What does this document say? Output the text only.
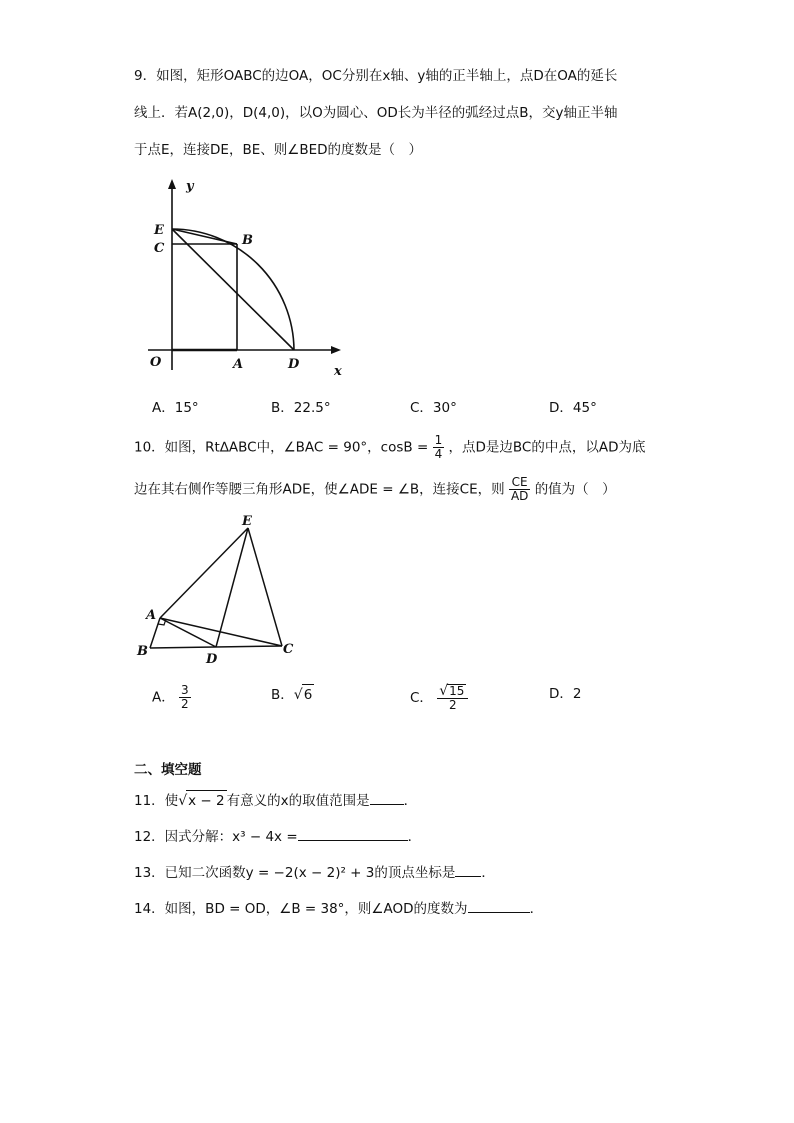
9．如图，矩形OABC的边OA，OC分别在x轴、y轴的正半轴上，点D在OA的延长
线上．若A(2,0)，D(4,0)，以O为圆心、OD长为半径的弧经过点B，交y轴正半轴
于点E，连接DE，BE、则∠BED的度数是（　）
y
E
C
B
O	A	D	x
A．15°	B．22.5°	C．30°	D．45°
10．如图，Rt∆ABC中，∠BAC = 90°，$\cos B = \frac{1}{4}$ ，点D是边BC的中点，以AD为底
边在其右侧作等腰三角形ADE，使∠ADE = ∠B，连接CE，则 $\frac{CE}{AD}$ 的值为（　）
E
A
B
D
C
A． $\frac{3}{2}$	B．√6	C． $\frac{√15}{2}$	D．2
二、填空题
11．使√x − 2 有意义的x的取值范围是	．
12．因式分解：x³ − 4x =	．
13．已知二次函数y = −2(x − 2)² + 3的顶点坐标是 ．
14．如图，BD = OD，∠B = 38°，则∠AOD的度数为	．
